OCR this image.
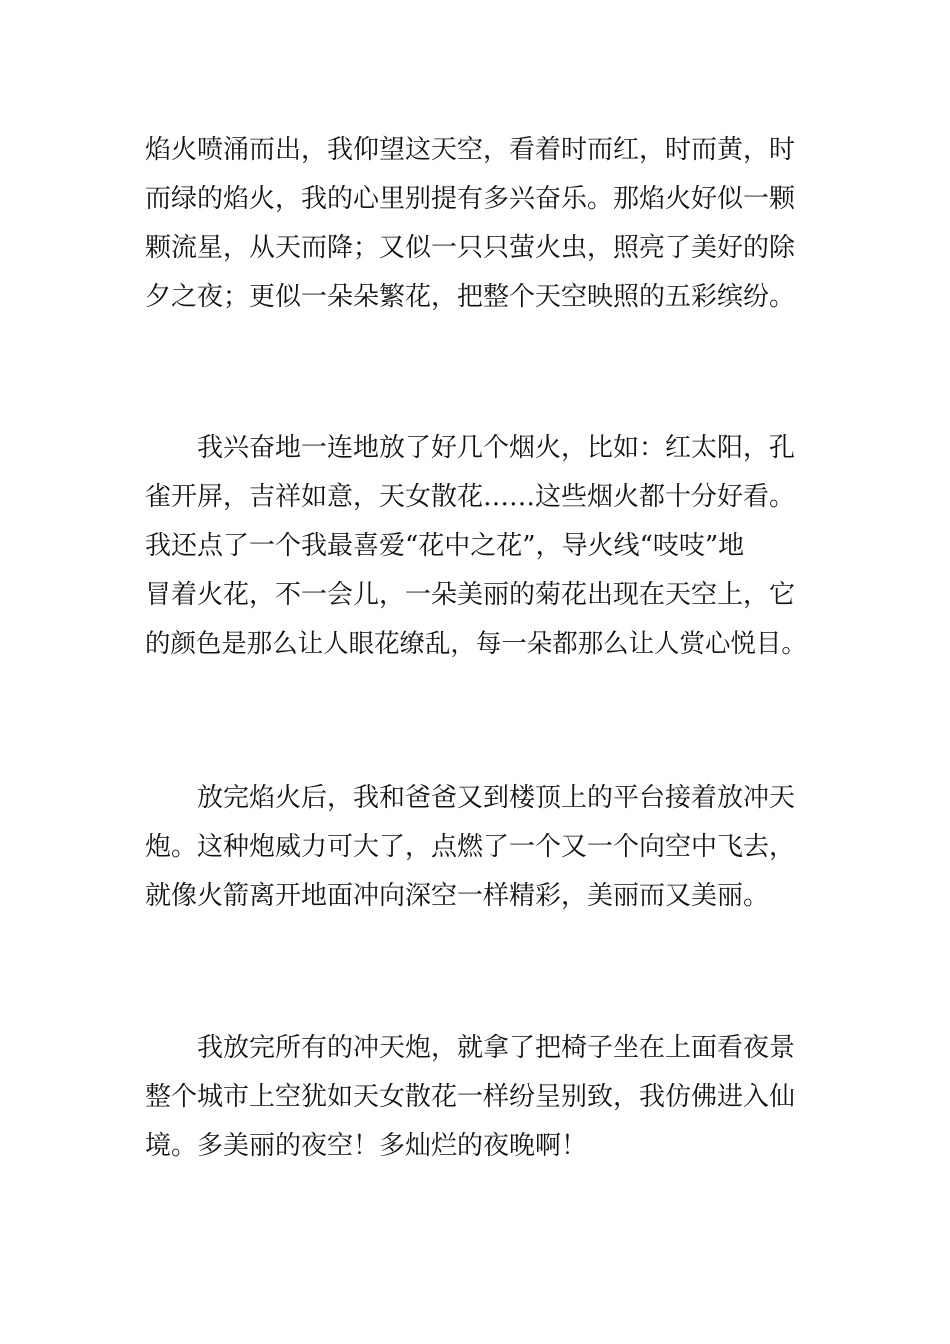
焰火喷涌而出，我仰望这天空，看着时而红，时而黄，时
而绿的焰火，我的心里别提有多兴奋乐。那焰火好似一颗
颗流星，从天而降；又似一只只萤火虫，照亮了美好的除
夕之夜；更似一朵朵繁花，把整个天空映照的五彩缤纷。

我兴奋地一连地放了好几个烟火，比如：红太阳，孔
雀开屏，吉祥如意，天女散花……这些烟火都十分好看。
我还点了一个我最喜爱“花中之花”，导火线“吱吱”地
冒着火花，不一会儿，一朵美丽的菊花出现在天空上，它
的颜色是那么让人眼花缭乱，每一朵都那么让人赏心悦目。

放完焰火后，我和爸爸又到楼顶上的平台接着放冲天
炮。这种炮威力可大了，点燃了一个又一个向空中飞去，
就像火箭离开地面冲向深空一样精彩，美丽而又美丽。

我放完所有的冲天炮，就拿了把椅子坐在上面看夜景
整个城市上空犹如天女散花一样纷呈别致，我仿佛进入仙
境。多美丽的夜空！多灿烂的夜晚啊！
